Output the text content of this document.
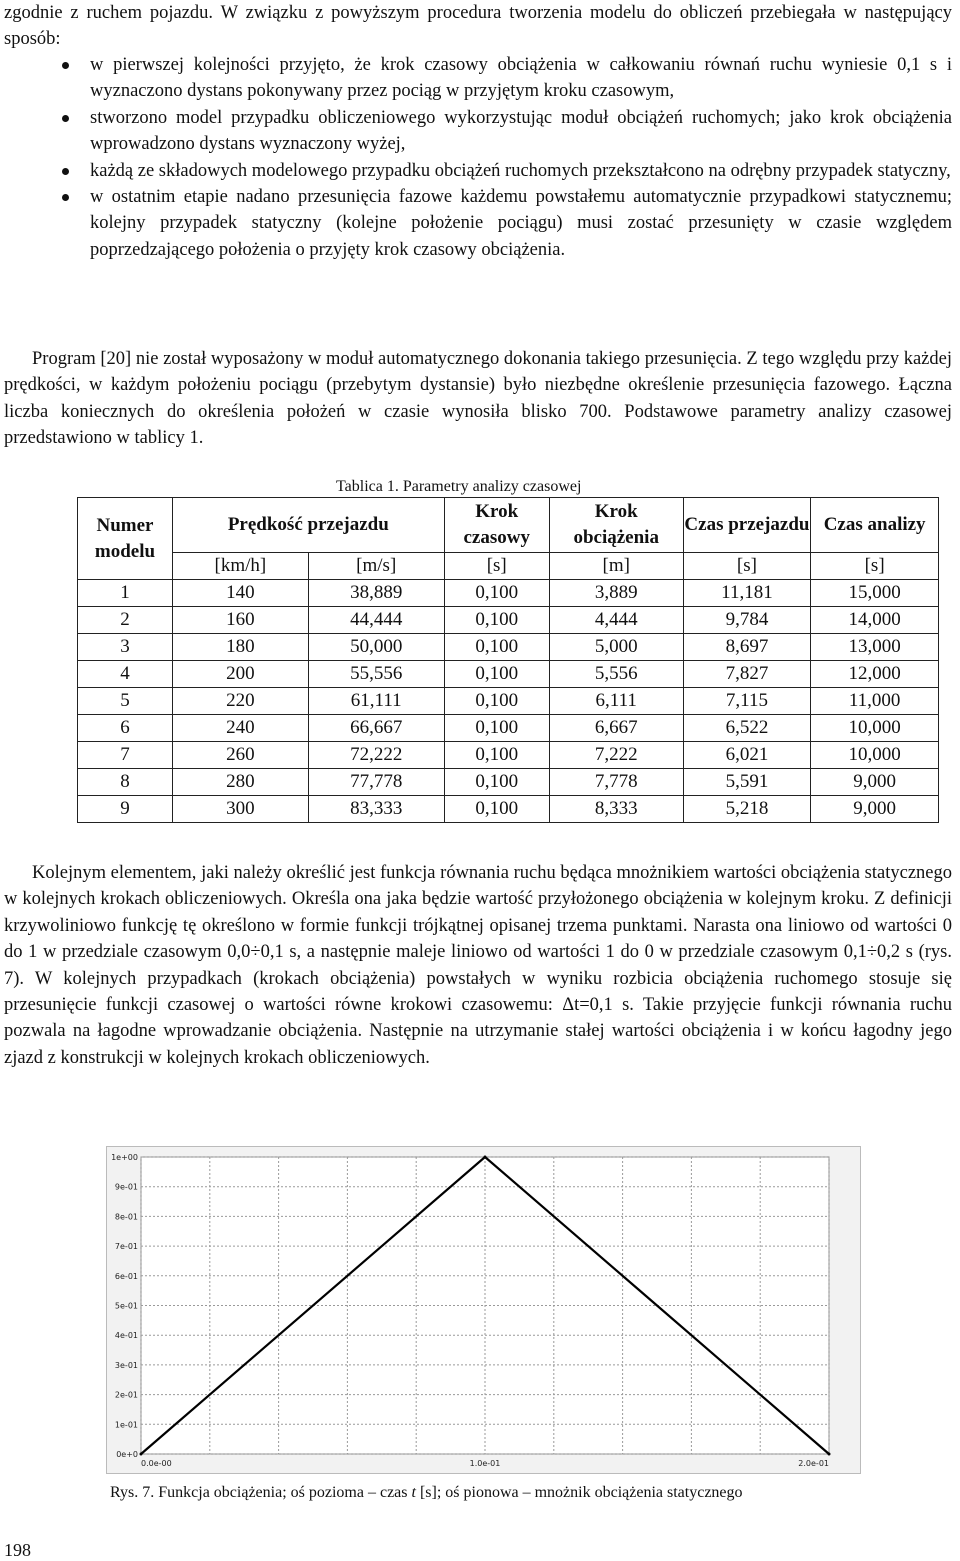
zgodnie z ruchem pojazdu. W związku z powyższym procedura tworzenia modelu do obliczeń przebiegała w następujący sposób:

w pierwszej kolejności przyjęto, że krok czasowy obciążenia w całkowaniu równań ruchu wyniesie 0,1 s i wyznaczono dystans pokonywany przez pociąg w przyjętym kroku czasowym,
stworzono model przypadku obliczeniowego wykorzystując moduł obciążeń ruchomych; jako krok obciążenia wprowadzono dystans wyznaczony wyżej,
każdą ze składowych modelowego przypadku obciążeń ruchomych przekształcono na odrębny przypadek statyczny,
w ostatnim etapie nadano przesunięcia fazowe każdemu powstałemu automatycznie przypadkowi statycznemu; kolejny przypadek statyczny (kolejne położenie pociągu) musi zostać przesunięty w czasie względem poprzedzającego położenia o przyjęty krok czasowy obciążenia.

Program [20] nie został wyposażony w moduł automatycznego dokonania takiego przesunięcia. Z tego względu przy każdej prędkości, w każdym położeniu pociągu (przebytym dystansie) było niezbędne określenie przesunięcia fazowego. Łączna liczba koniecznych do określenia położeń w czasie wynosiła blisko 700. Podstawowe parametry analizy czasowej przedstawiono w tablicy 1.

Tablica 1. Parametry analizy czasowej
Numer modelu	Prędkość przejazdu		Krok czasowy	Krok obciążenia	Czas przejazdu	Czas analizy
	[km/h]	[m/s]	[s]	[m]	[s]	[s]
1	140	38,889	0,100	3,889	11,181	15,000
2	160	44,444	0,100	4,444	9,784	14,000
3	180	50,000	0,100	5,000	8,697	13,000
4	200	55,556	0,100	5,556	7,827	12,000
5	220	61,111	0,100	6,111	7,115	11,000
6	240	66,667	0,100	6,667	6,522	10,000
7	260	72,222	0,100	7,222	6,021	10,000
8	280	77,778	0,100	7,778	5,591	9,000
9	300	83,333	0,100	8,333	5,218	9,000

Kolejnym elementem, jaki należy określić jest funkcja równania ruchu będąca mnożnikiem wartości obciążenia statycznego w kolejnych krokach obliczeniowych. Określa ona jaka będzie wartość przyłożonego obciążenia w kolejnym kroku. Z definicji krzywoliniowo funkcję tę określono w formie funkcji trójkątnej opisanej trzema punktami. Narasta ona liniowo od wartości 0 do 1 w przedziale czasowym 0,0÷0,1 s, a następnie maleje liniowo od wartości 1 do 0 w przedziale czasowym 0,1÷0,2 s (rys. 7). W kolejnych przypadkach (krokach obciążenia) powstałych w wyniku rozbicia obciążenia ruchomego stosuje się przesunięcie funkcji czasowej o wartości równe krokowi czasowemu: Δt=0,1 s. Takie przyjęcie funkcji równania ruchu pozwala na łagodne wprowadzanie obciążenia. Następnie na utrzymanie stałej wartości obciążenia i w końcu łagodny jego zjazd z konstrukcji w kolejnych krokach obliczeniowych.

0e+0
1e-01
2e-01
3e-01
4e-01
5e-01
6e-01
7e-01
8e-01
9e-01
1e+00
0.0e-00	1.0e-01	2.0e-01
Rys. 7. Funkcja obciążenia; oś pozioma – czas t [s]; oś pionowa – mnożnik obciążenia statycznego
198
